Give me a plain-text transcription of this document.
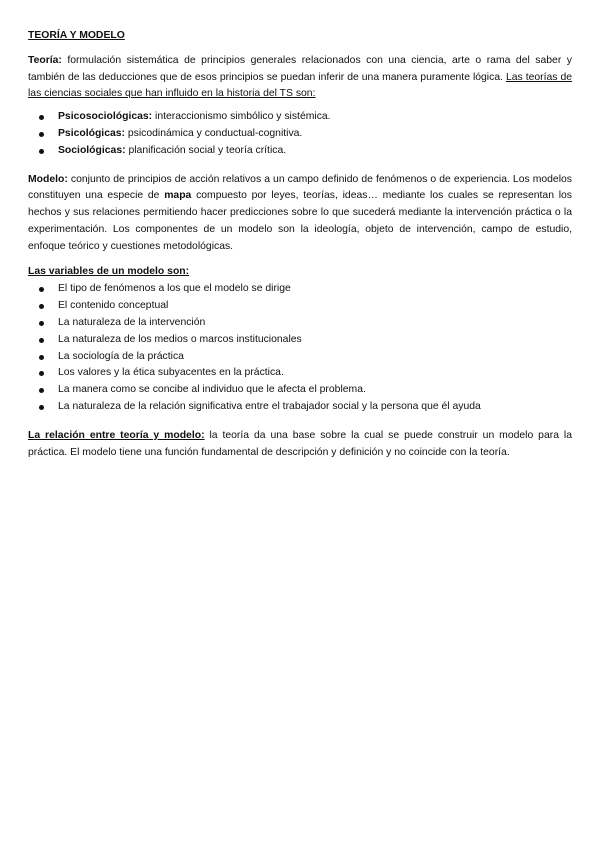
TEORÍA Y MODELO

Teoría: formulación sistemática de principios generales relacionados con una ciencia, arte o rama del saber y también de las deducciones que de esos principios se puedan inferir de una manera puramente lógica. Las teorías de las ciencias sociales que han influido en la historia del TS son:

Psicosociológicas: interaccionismo simbólico y sistémica.
Psicológicas: psicodinámica y conductual-cognitiva.
Sociológicas: planificación social y teoría crítica.

Modelo: conjunto de principios de acción relativos a un campo definido de fenómenos o de experiencia. Los modelos constituyen una especie de mapa compuesto por leyes, teorías, ideas… mediante los cuales se representan los hechos y sus relaciones permitiendo hacer predicciones sobre lo que sucederá mediante la intervención práctica o la experimentación. Los componentes de un modelo son la ideología, objeto de intervención, campo de estudio, enfoque teórico y cuestiones metodológicas.

Las variables de un modelo son:
El tipo de fenómenos a los que el modelo se dirige
El contenido conceptual
La naturaleza de la intervención
La naturaleza de los medios o marcos institucionales
La sociología de la práctica
Los valores y la ética subyacentes en la práctica.
La manera como se concibe al individuo que le afecta el problema.
La naturaleza de la relación significativa entre el trabajador social y la persona que él ayuda

La relación entre teoría y modelo: la teoría da una base sobre la cual se puede construir un modelo para la práctica. El modelo tiene una función fundamental de descripción y definición y no coincide con la teoría.
